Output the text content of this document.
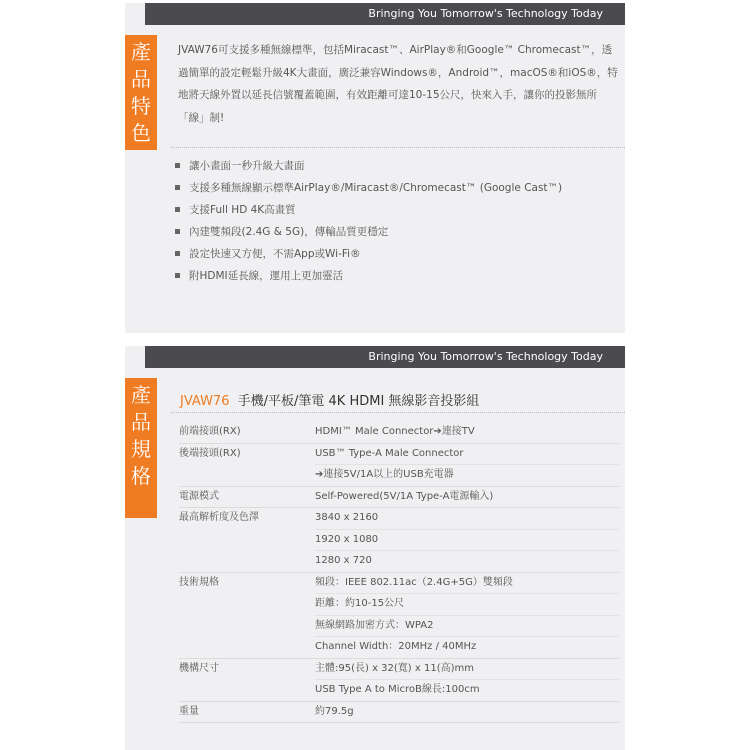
Bringing You Tomorrow's Technology Today
產
品
特
色
JVAW76可支援多種無線標準，包括Miracast™、AirPlay®和Google™ Chromecast™，透過簡單的設定輕鬆升級4K大畫面，廣泛兼容Windows®，Android™，macOS®和iOS®，特地將天線外置以延長信號覆蓋範圍，有效距離可達10-15公尺，快來入手，讓你的投影無所「線」制!
讓小畫面一秒升級大畫面
支援多種無線顯示標準AirPlay®/Miracast®/Chromecast™ (Google Cast™)
支援Full HD 4K高畫質
內建雙頻段(2.4G & 5G)，傳輸品質更穩定
設定快速又方便，不需App或Wi-Fi®
附HDMI延長線，運用上更加靈活
Bringing You Tomorrow's Technology Today
產
品
規
格
JVAW76 手機/平板/筆電 4K HDMI 無線影音投影組
前端接頭(RX)	HDMI™ Male Connector➔連接TV
後端接頭(RX)	USB™ Type-A Male Connector
➔連接5V/1A以上的USB充電器
電源模式	Self-Powered(5V/1A Type-A電源輸入)
最高解析度及色澤	3840 x 2160
1920 x 1080
1280 x 720
技術規格	頻段：IEEE 802.11ac（2.4G+5G）雙頻段
距離：約10-15公尺
無線網路加密方式：WPA2
Channel Width：20MHz / 40MHz
機構尺寸	主體:95(長) x 32(寬) x 11(高)mm
USB Type A to MicroB線長:100cm
重量	約79.5g
